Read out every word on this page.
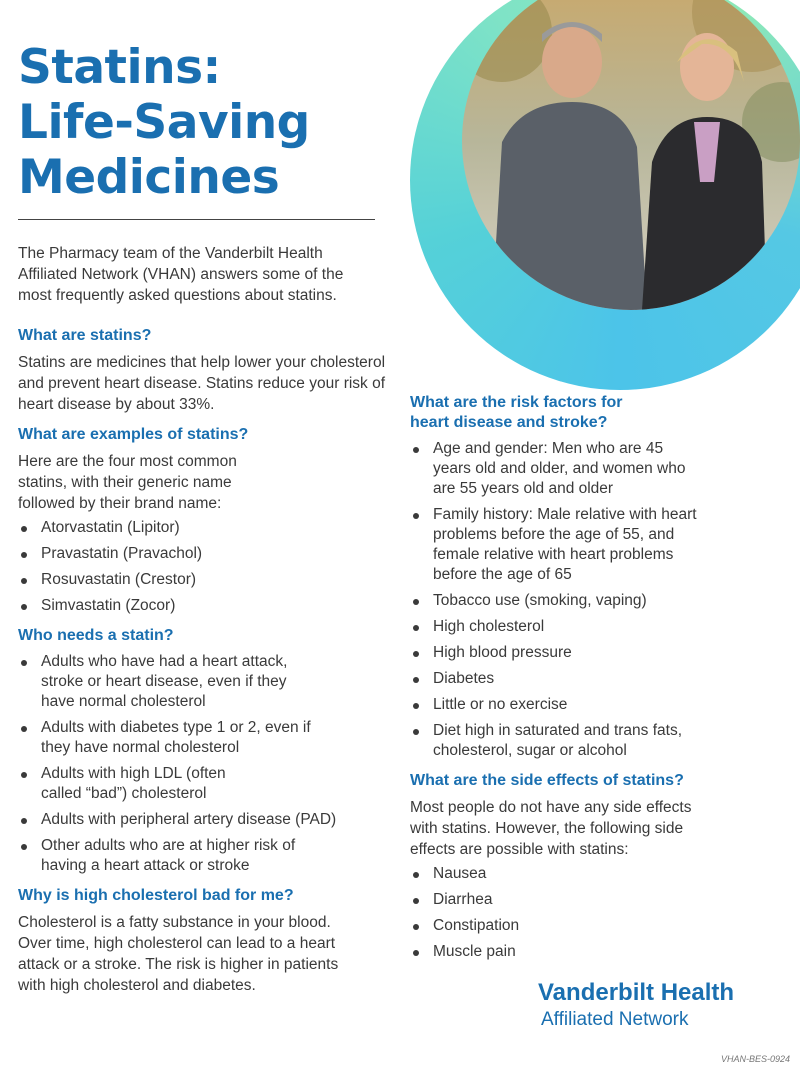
Statins:
Life-Saving
Medicines

The Pharmacy team of the Vanderbilt Health Affiliated Network (VHAN) answers some of the most frequently asked questions about statins.

What are statins?

Statins are medicines that help lower your cholesterol and prevent heart disease. Statins reduce your risk of heart disease by about 33%.

What are examples of statins?

Here are the four most common statins, with their generic name followed by their brand name:

Atorvastatin (Lipitor)
Pravastatin (Pravachol)
Rosuvastatin (Crestor)
Simvastatin (Zocor)
Who needs a statin?
Adults who have had a heart attack, stroke or heart disease, even if they have normal cholesterol
Adults with diabetes type 1 or 2, even if they have normal cholesterol
Adults with high LDL (often called “bad”) cholesterol
Adults with peripheral artery disease (PAD)
Other adults who are at higher risk of having a heart attack or stroke
Why is high cholesterol bad for me?

Cholesterol is a fatty substance in your blood. Over time, high cholesterol can lead to a heart attack or a stroke. The risk is higher in patients with high cholesterol and diabetes.

What are the risk factors for heart disease and stroke?
Age and gender: Men who are 45 years old and older, and women who are 55 years old and older
Family history: Male relative with heart problems before the age of 55, and female relative with heart problems before the age of 65
Tobacco use (smoking, vaping)
High cholesterol
High blood pressure
Diabetes
Little or no exercise
Diet high in saturated and trans fats, cholesterol, sugar or alcohol
What are the side effects of statins?

Most people do not have any side effects with statins. However, the following side effects are possible with statins:

Nausea
Diarrhea
Constipation
Muscle pain
Vanderbilt Health
Affiliated Network
VHAN-BES-0924
